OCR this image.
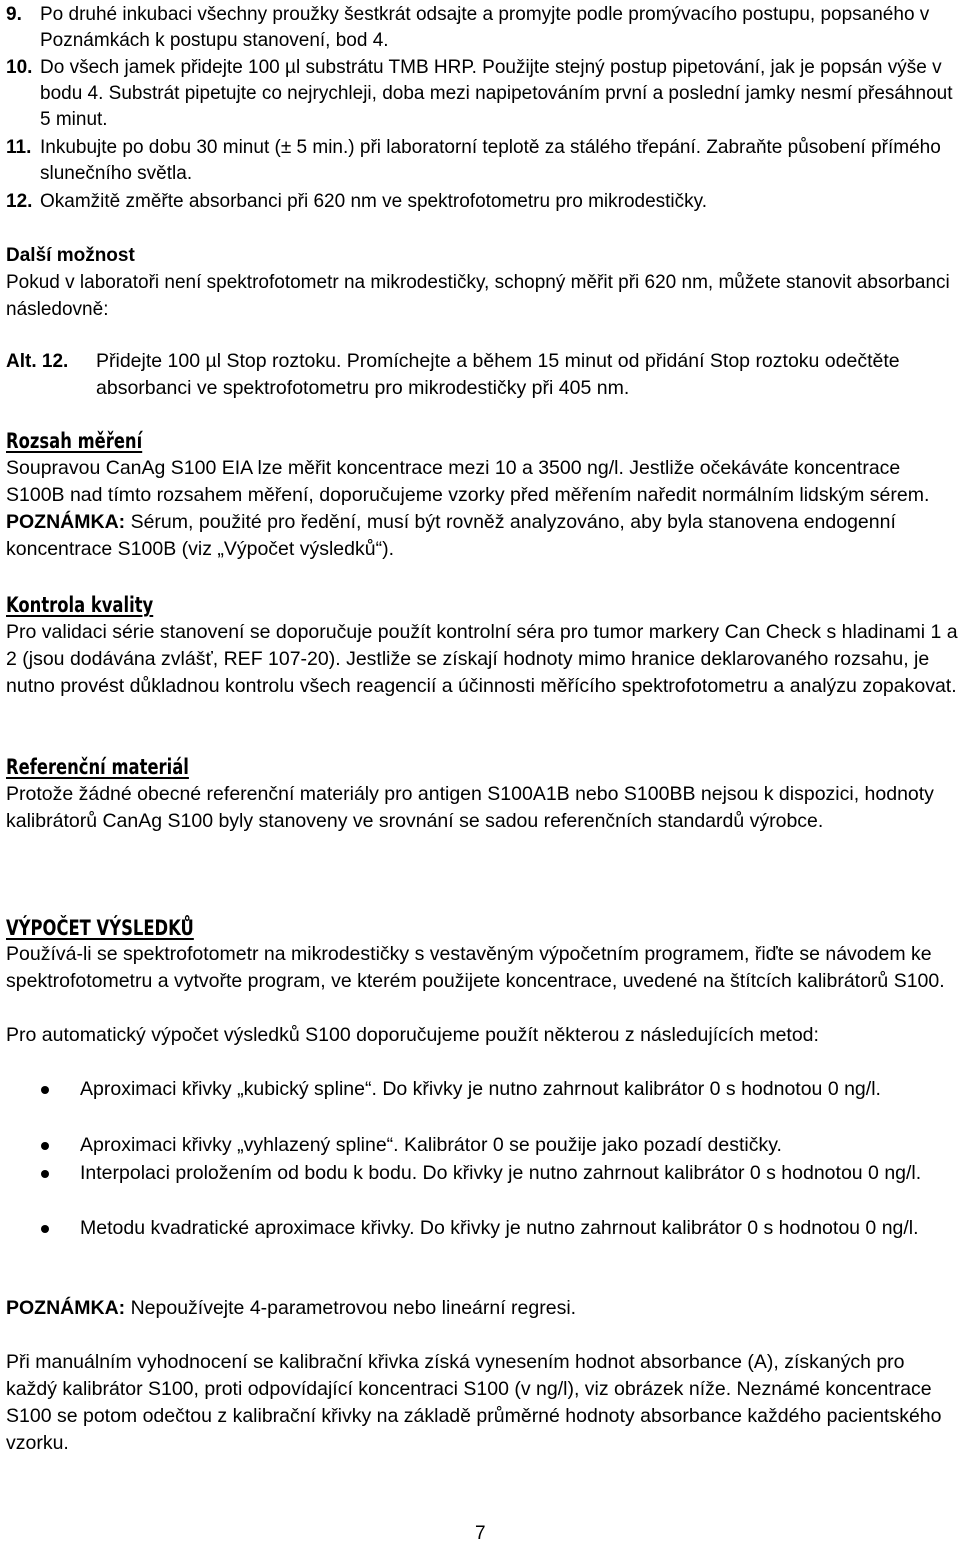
9. Po druhé inkubaci všechny proužky šestkrát odsajte a promyjte podle promývacího postupu, popsaného v Poznámkách k postupu stanovení, bod 4.
10. Do všech jamek přidejte 100 µl substrátu TMB HRP. Použijte stejný postup pipetování, jak je popsán výše v bodu 4. Substrát pipetujte co nejrychleji, doba mezi napipetováním první a poslední jamky nesmí přesáhnout 5 minut.
11. Inkubujte po dobu 30 minut (± 5 min.) při laboratorní teplotě za stálého třepání. Zabraňte působení přímého slunečního světla.
12. Okamžitě změřte absorbanci při 620 nm ve spektrofotometru pro mikrodestičky.
Další možnost
Pokud v laboratoři není spektrofotometr na mikrodestičky, schopný měřit při 620 nm, můžete stanovit absorbanci následovně:
Alt. 12.	Přidejte 100 µl Stop roztoku. Promíchejte a během 15 minut od přidání Stop roztoku odečtěte absorbanci ve spektrofotometru pro mikrodestičky při 405 nm.
Rozsah měření
Soupravou CanAg S100 EIA lze měřit koncentrace mezi 10 a 3500 ng/l. Jestliže očekáváte koncentrace S100B nad tímto rozsahem měření, doporučujeme vzorky před měřením naředit normálním lidským sérem. POZNÁMKA: Sérum, použité pro ředění, musí být rovněž analyzováno, aby byla stanovena endogenní koncentrace S100B (viz „Výpočet výsledků“).
Kontrola kvality
Pro validaci série stanovení se doporučuje použít kontrolní séra pro tumor markery Can Check s hladinami 1 a 2 (jsou dodávána zvlášť, REF 107-20). Jestliže se získají hodnoty mimo hranice deklarovaného rozsahu, je nutno provést důkladnou kontrolu všech reagencií a účinnosti měřícího spektrofotometru a analýzu zopakovat.
Referenční materiál
Protože žádné obecné referenční materiály pro antigen S100A1B nebo S100BB nejsou k dispozici, hodnoty kalibrátorů CanAg S100 byly stanoveny ve srovnání se sadou referenčních standardů výrobce.
VÝPOČET VÝSLEDKŮ
Používá-li se spektrofotometr na mikrodestičky s vestavěným výpočetním programem, řiďte se návodem ke spektrofotometru a vytvořte program, ve kterém použijete koncentrace, uvedené na štítcích kalibrátorů S100.
Pro automatický výpočet výsledků S100 doporučujeme použít některou z následujících metod:
Aproximaci křivky „kubický spline“. Do křivky je nutno zahrnout kalibrátor 0 s hodnotou 0 ng/l.
Aproximaci křivky „vyhlazený spline“. Kalibrátor 0 se použije jako pozadí destičky.
Interpolaci proložením od bodu k bodu. Do křivky je nutno zahrnout kalibrátor 0 s hodnotou 0 ng/l.
Metodu kvadratické aproximace křivky. Do křivky je nutno zahrnout kalibrátor 0 s hodnotou 0 ng/l.
POZNÁMKA: Nepoužívejte 4-parametrovou nebo lineární regresi.
Při manuálním vyhodnocení se kalibrační křivka získá vynesením hodnot absorbance (A), získaných pro každý kalibrátor S100, proti odpovídající koncentraci S100 (v ng/l), viz obrázek níže. Neznámé koncentrace S100 se potom odečtou z kalibrační křivky na základě průměrné hodnoty absorbance každého pacientského vzorku.
7
